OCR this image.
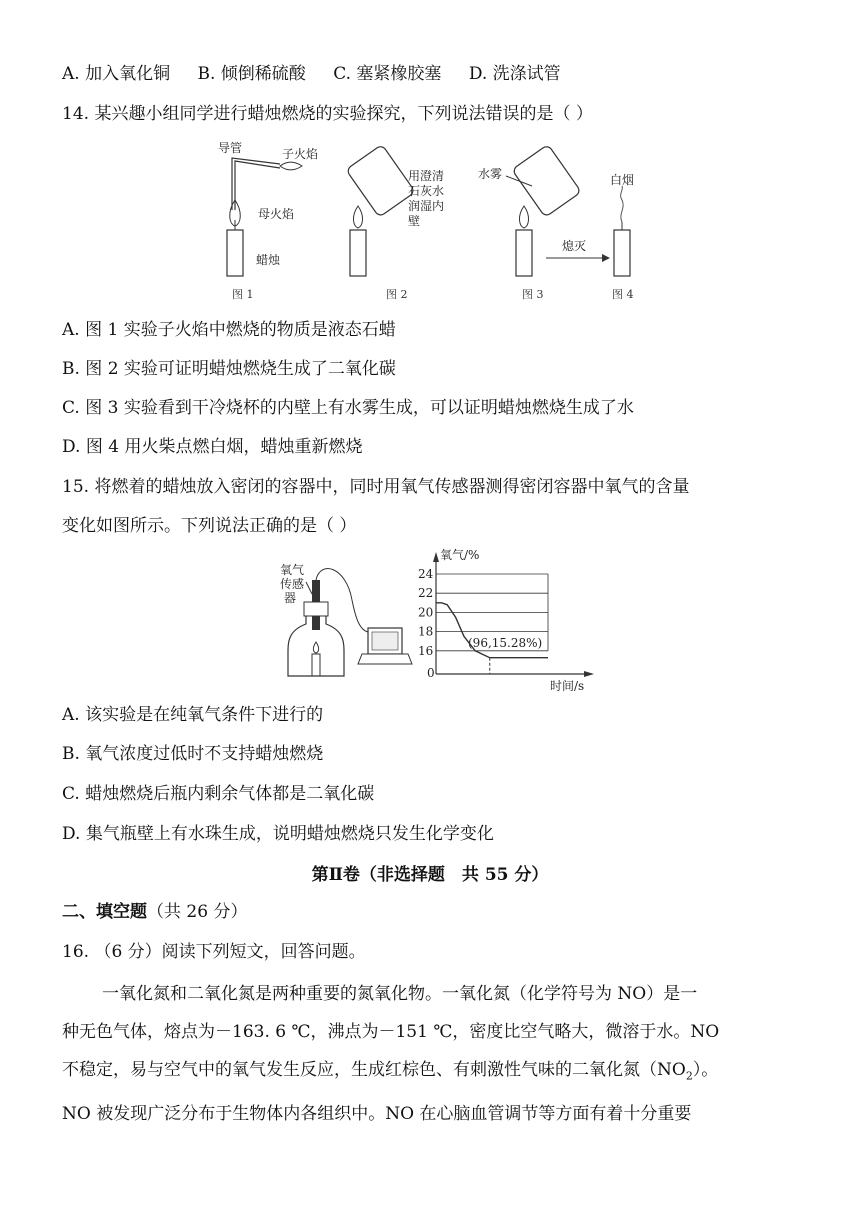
A. 加入氧化铜 B. 倾倒稀硫酸 C. 塞紧橡胶塞 D. 洗涤试管
14. 某兴趣小组同学进行蜡烛燃烧的实验探究，下列说法错误的是（ ）
导管	子火焰
母火焰
蜡烛
图 1
用澄清
石灰水
润湿内
壁
图 2
水雾
图 3
熄灭
白烟
图 4
A. 图 1 实验子火焰中燃烧的物质是液态石蜡
B. 图 2 实验可证明蜡烛燃烧生成了二氧化碳
C. 图 3 实验看到干冷烧杯的内壁上有水雾生成，可以证明蜡烛燃烧生成了水
D. 图 4 用火柴点燃白烟，蜡烛重新燃烧
15. 将燃着的蜡烛放入密闭的容器中，同时用氧气传感器测得密闭容器中氧气的含量
变化如图所示。下列说法正确的是（ ）
氧气
传感
器
氧气/%
时间/s
0
(96,15.28%)
24
22
20
18
16
A. 该实验是在纯氧气条件下进行的
B. 氧气浓度过低时不支持蜡烛燃烧
C. 蜡烛燃烧后瓶内剩余气体都是二氧化碳
D. 集气瓶壁上有水珠生成，说明蜡烛燃烧只发生化学变化
第Ⅱ卷（非选择题　共 55 分）
二、填空题（共 26 分）
16. （6 分）阅读下列短文，回答问题。
一氧化氮和二氧化氮是两种重要的氮氧化物。一氧化氮（化学符号为 NO）是一
种无色气体，熔点为－163. 6 ℃，沸点为－151 ℃，密度比空气略大，微溶于水。NO
不稳定，易与空气中的氧气发生反应，生成红棕色、有刺激性气味的二氧化氮$(NO_2)$。
NO 被发现广泛分布于生物体内各组织中。NO 在心脑血管调节等方面有着十分重要
